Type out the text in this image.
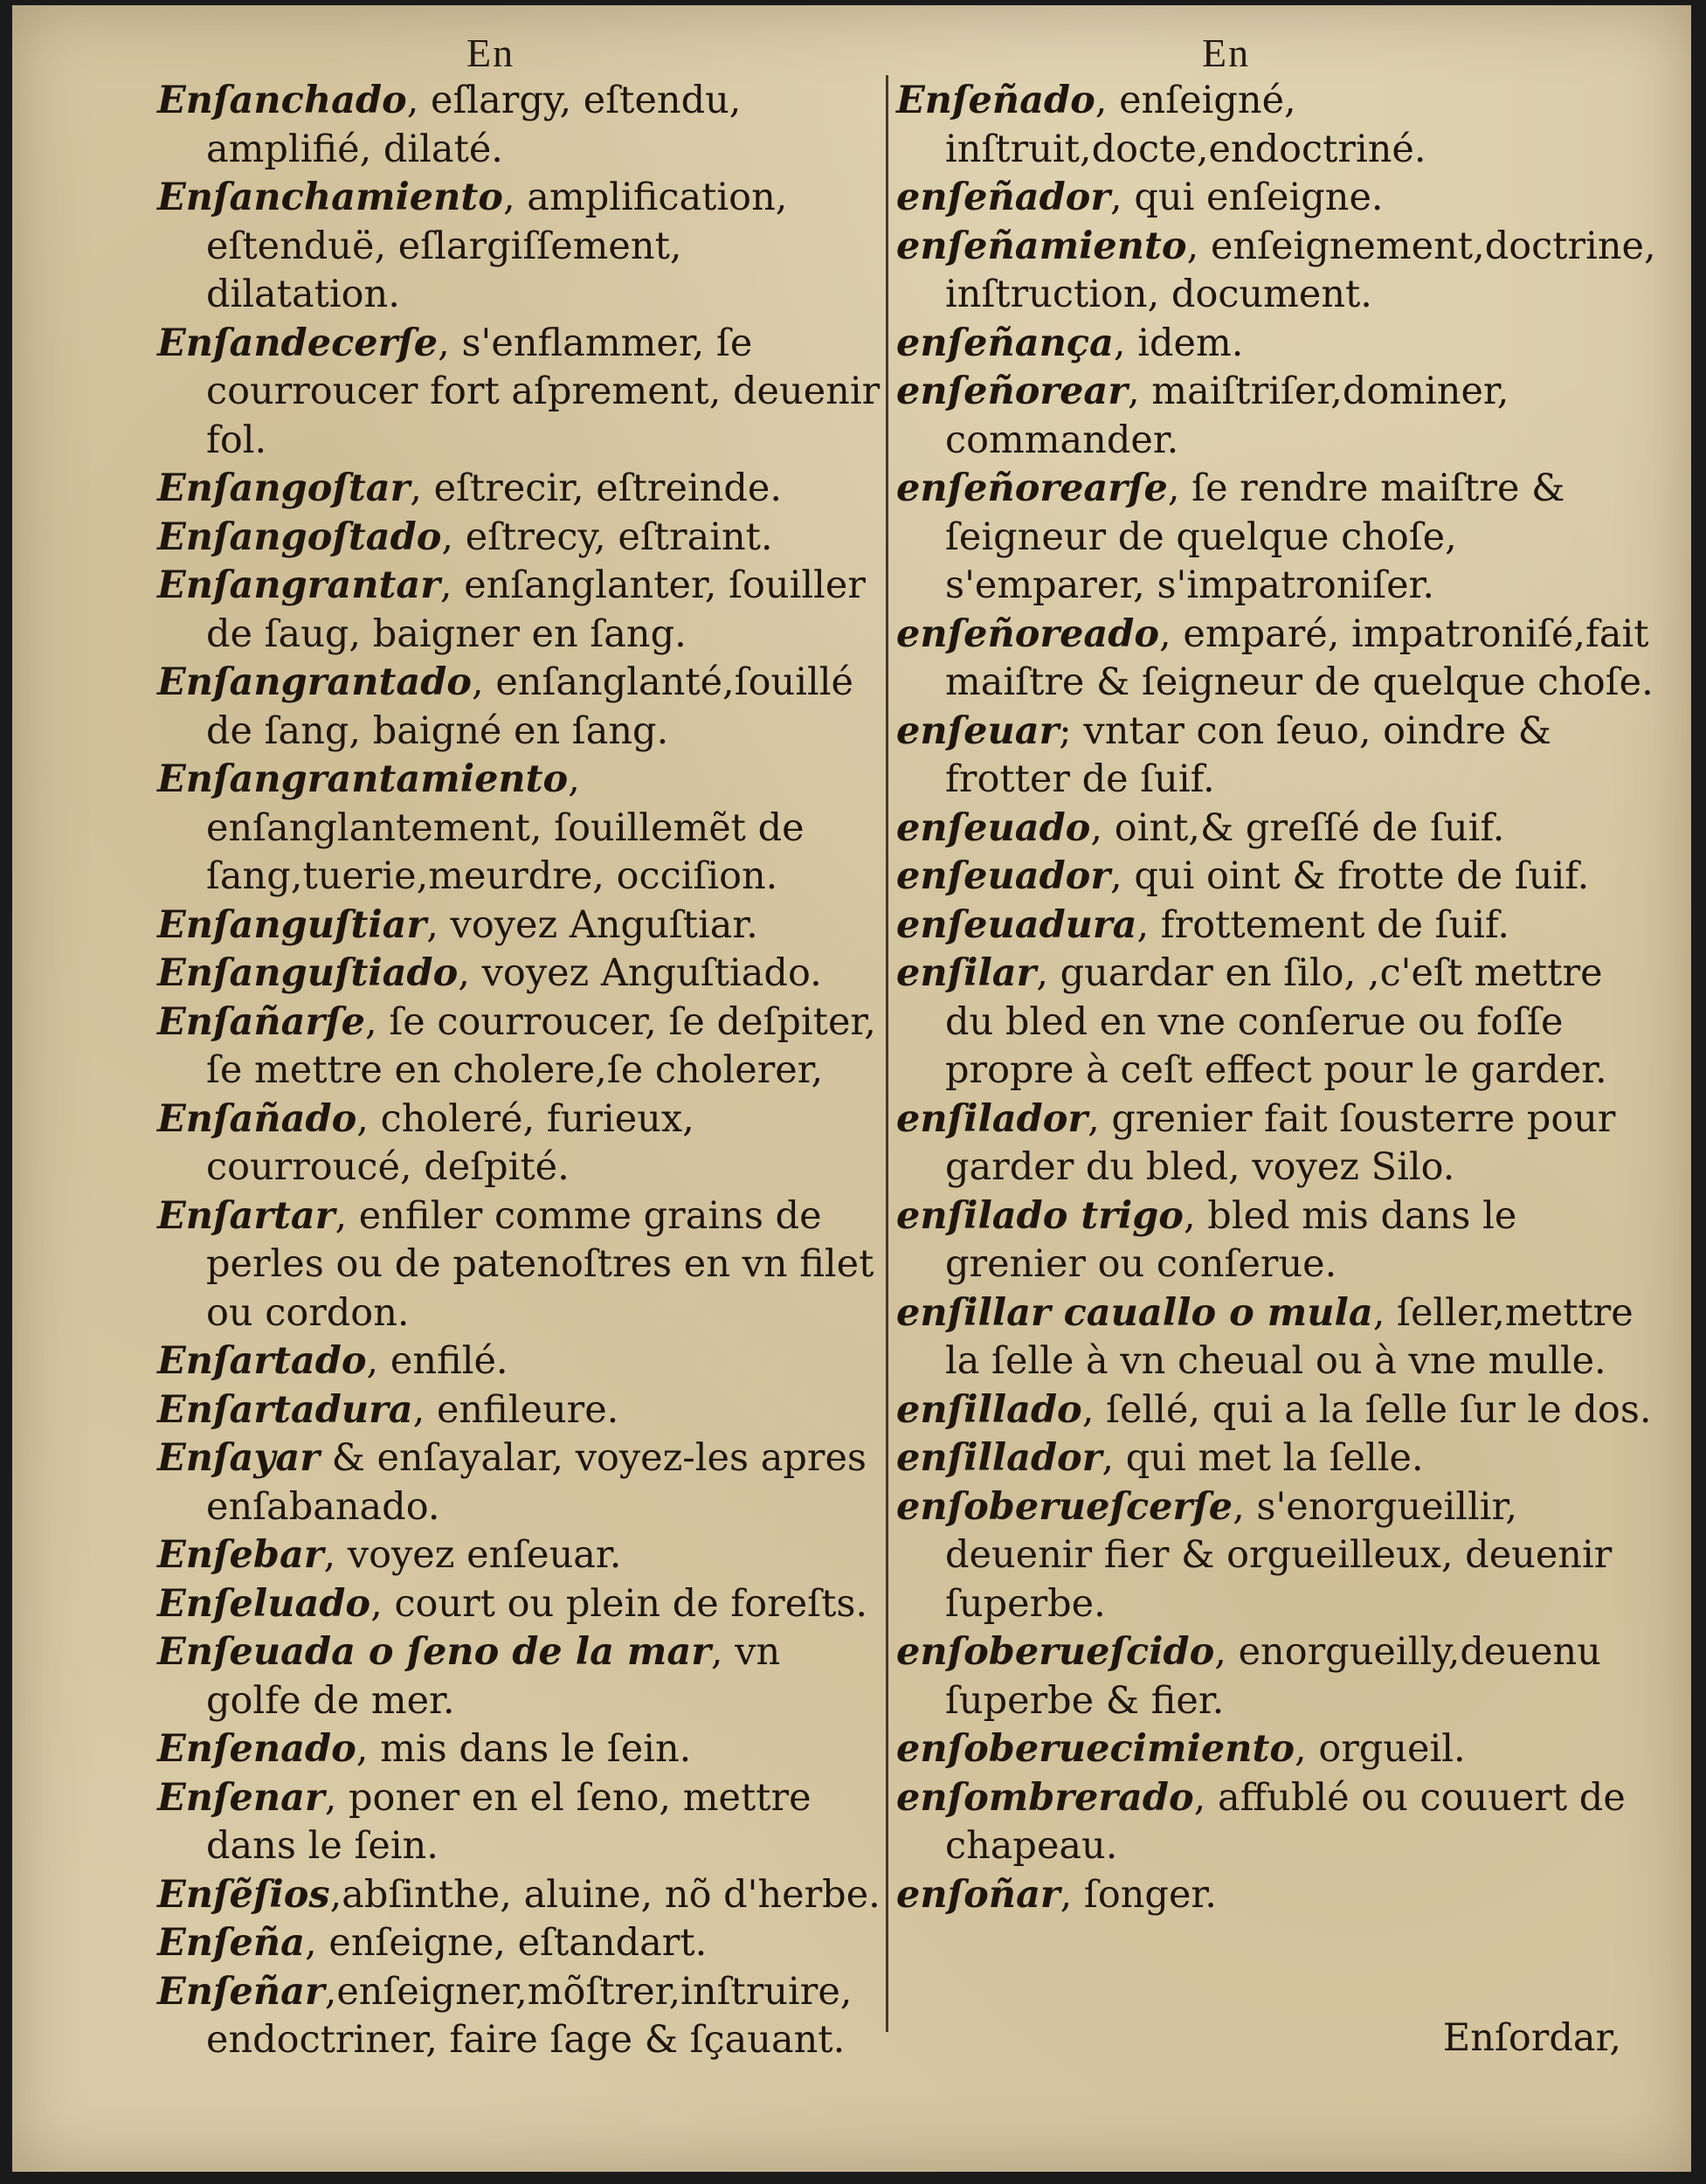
En	En

Enſanchado, eſlargy, eſtendu, amplifié, dilaté.

Enſanchamiento, amplification, eſtenduë, eſlargiſſement, dilatation.

Enſandecerſe, s'enflammer, ſe courroucer fort aſprement, deuenir fol.

Enſangoſtar, eſtrecir, eſtreinde.

Enſangoſtado, eſtrecy, eſtraint.

Enſangrantar, enſanglanter, ſouiller de ſaug, baigner en ſang.

Enſangrantado, enſanglanté,ſouillé de ſang, baigné en ſang.

Enſangrantamiento, enſanglantement, ſouillemẽt de ſang,tuerie,meurdre, occiſion.

Enſanguſtiar, voyez Anguſtiar.

Enſanguſtiado, voyez Anguſtiado.

Enſañarſe, ſe courroucer, ſe deſpiter, ſe mettre en cholere,ſe cholerer,

Enſañado, choleré, furieux, courroucé, deſpité.

Enſartar, enfiler comme grains de perles ou de patenoſtres en vn filet ou cordon.

Enſartado, enfilé.

Enſartadura, enfileure.

Enſayar & enſayalar, voyez-les apres enſabanado.

Enſebar, voyez enſeuar.

Enſeluado, court ou plein de foreſts.

Enſeuada o ſeno de la mar, vn golfe de mer.

Enſenado, mis dans le ſein.

Enſenar, poner en el ſeno, mettre dans le ſein.

Enſẽſios,abſinthe, aluine, nõ d'herbe.

Enſeña, enſeigne, eſtandart.

Enſeñar,enſeigner,mõſtrer,inſtruire, endoctriner, faire ſage & ſçauant.

Enſeñado, enſeigné, inſtruit,docte,endoctriné.

enſeñador, qui enſeigne.

enſeñamiento, enſeignement,doctrine, inſtruction, document.

enſeñança, idem.

enſeñorear, maiſtriſer,dominer, commander.

enſeñorearſe, ſe rendre maiſtre & ſeigneur de quelque choſe, s'emparer, s'impatroniſer.

enſeñoreado, emparé, impatroniſé,fait maiſtre & ſeigneur de quelque choſe.

enſeuar; vntar con ſeuo, oindre & frotter de ſuif.

enſeuado, oint,& greſſé de ſuif.

enſeuador, qui oint & frotte de ſuif.

enſeuadura, frottement de ſuif.

enſilar, guardar en ſilo, ,c'eſt mettre du bled en vne conſerue ou foſſe propre à ceſt effect pour le garder.

enſilador, grenier fait ſousterre pour garder du bled, voyez Silo.

enſilado trigo, bled mis dans le grenier ou conſerue.

enſillar cauallo o mula, ſeller,mettre la ſelle à vn cheual ou à vne mulle.

enſillado, ſellé, qui a la ſelle ſur le dos.

enſillador, qui met la ſelle.

enſoberueſcerſe, s'enorgueillir, deuenir fier & orgueilleux, deuenir ſuperbe.

enſoberueſcido, enorgueilly,deuenu ſuperbe & fier.

enſoberuecimiento, orgueil.

enſombrerado, affublé ou couuert de chapeau.

enſoñar, ſonger.

Enſordar,
